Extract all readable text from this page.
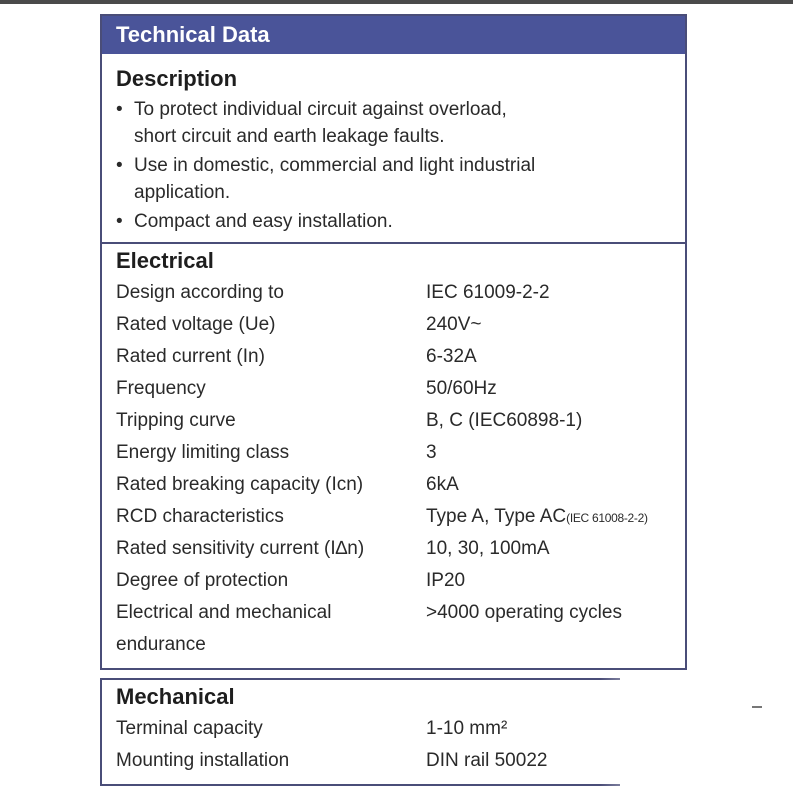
Technical Data
Description
• To protect individual circuit against overload,
short circuit and earth leakage faults.
• Use in domestic, commercial and light industrial
application.
• Compact and easy installation.
Electrical
Design according to	IEC 61009-2-2
Rated voltage (Ue)	240V~
Rated current (In)	6-32A
Frequency	50/60Hz
Tripping curve	B, C (IEC60898-1)
Energy limiting class	3
Rated breaking capacity (Icn)	6kA
RCD characteristics	Type A, Type AC(IEC 61008-2-2)
Rated sensitivity current (I∆n)	10, 30, 100mA
Degree of protection	IP20
Electrical and mechanical	>4000 operating cycles
endurance
Mechanical
Terminal capacity	1-10 mm²
Mounting installation	DIN rail 50022
